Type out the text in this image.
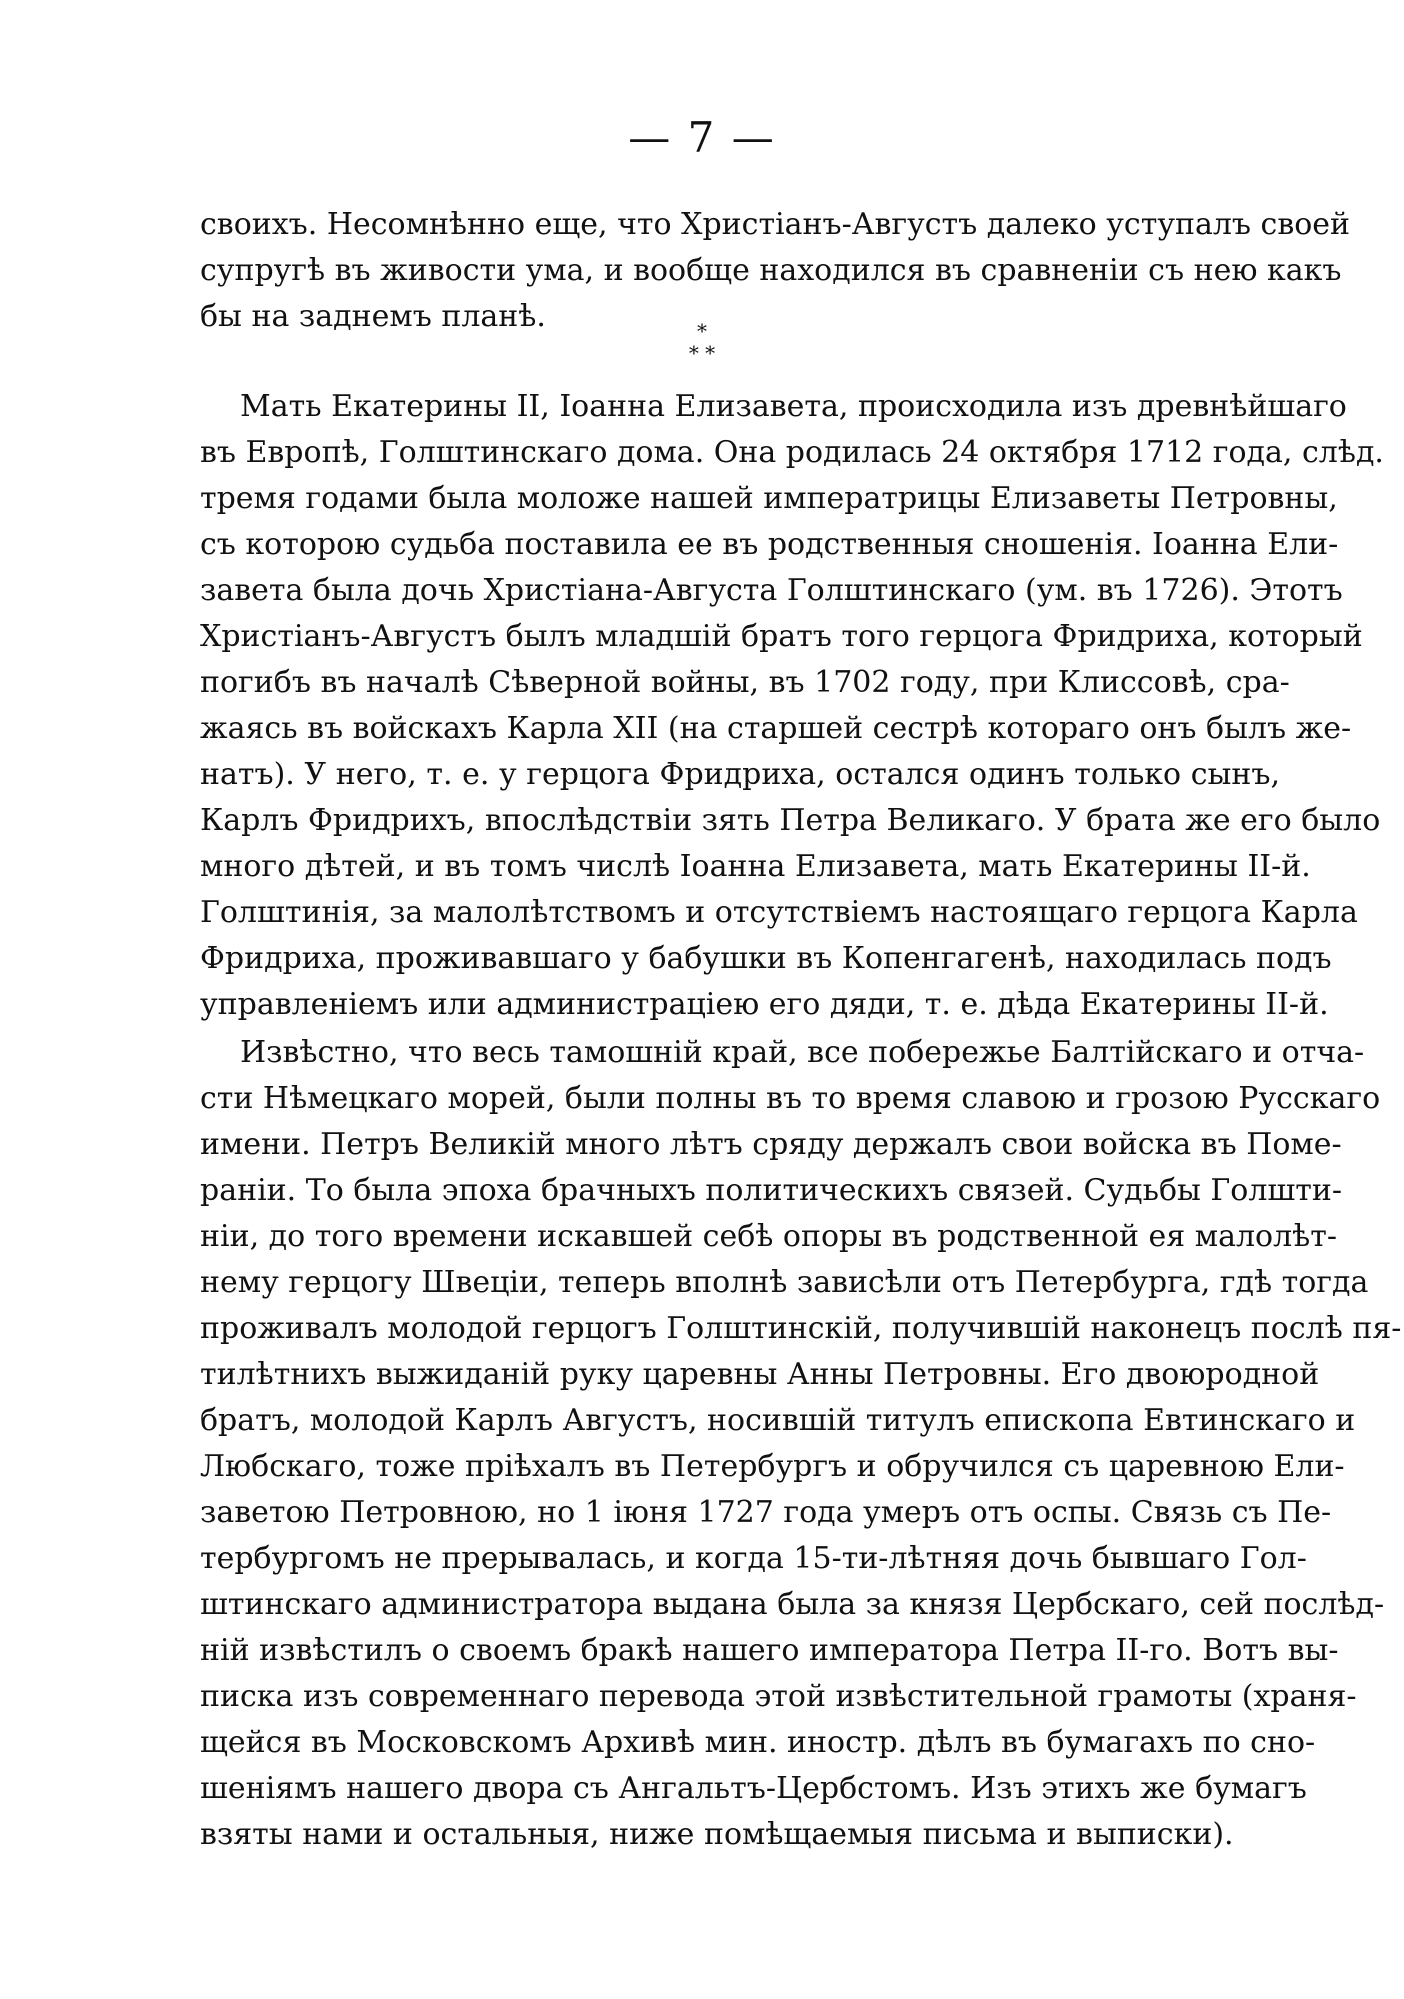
— 7 —
своихъ. Несомнѣнно еще, что Христіанъ-Августъ далеко уступалъ своей
супругѣ въ живости ума, и вообще находился въ сравненіи съ нею какъ
бы на заднемъ планѣ.	*
* *
Мать Екатерины II, Іоанна Елизавета, происходила изъ древнѣйшаго
въ Европѣ, Голштинскаго дома. Она родилась 24 октября 1712 года, слѣд.
тремя годами была моложе нашей императрицы Елизаветы Петровны,
съ которою судьба поставила ее въ родственныя сношенія. Іоанна Ели-
завета была дочь Христіана-Августа Голштинскаго (ум. въ 1726). Этотъ
Христіанъ-Августъ былъ младшій братъ того герцога Фридриха, который
погибъ въ началѣ Сѣверной войны, въ 1702 году, при Клиссовѣ, сра-
жаясь въ войскахъ Карла XII (на старшей сестрѣ котораго онъ былъ же-
натъ). У него, т. е. у герцога Фридриха, остался одинъ только сынъ,
Карлъ Фридрихъ, впослѣдствіи зять Петра Великаго. У брата же его было
много дѣтей, и въ томъ числѣ Іоанна Елизавета, мать Екатерины II-й.
Голштинія, за малолѣтствомъ и отсутствіемъ настоящаго герцога Карла
Фридриха, проживавшаго у бабушки въ Копенгагенѣ, находилась подъ
управленіемъ или администраціею его дяди, т. е. дѣда Екатерины II-й.
Извѣстно, что весь тамошній край, все побережье Балтійскаго и отча-
сти Нѣмецкаго морей, были полны въ то время славою и грозою Русскаго
имени. Петръ Великій много лѣтъ сряду держалъ свои войска въ Поме-
раніи. То была эпоха брачныхъ политическихъ связей. Судьбы Голшти-
ніи, до того времени искавшей себѣ опоры въ родственной ея малолѣт-
нему герцогу Швеціи, теперь вполнѣ зависѣли отъ Петербурга, гдѣ тогда
проживалъ молодой герцогъ Голштинскій, получившій наконецъ послѣ пя-
тилѣтнихъ выжиданій руку царевны Анны Петровны. Его двоюродной
братъ, молодой Карлъ Августъ, носившій титулъ епископа Евтинскаго и
Любскаго, тоже пріѣхалъ въ Петербургъ и обручился съ царевною Ели-
заветою Петровною, но 1 іюня 1727 года умеръ отъ оспы. Связь съ Пе-
тербургомъ не прерывалась, и когда 15-ти-лѣтняя дочь бывшаго Гол-
штинскаго администратора выдана была за князя Цербскаго, сей послѣд-
ній извѣстилъ о своемъ бракѣ нашего императора Петра II-го. Вотъ вы-
писка изъ современнаго перевода этой извѣстительной грамоты (храня-
щейся въ Московскомъ Архивѣ мин. иностр. дѣлъ въ бумагахъ по сно-
шеніямъ нашего двора съ Ангальтъ-Цербстомъ. Изъ этихъ же бумагъ
взяты нами и остальныя, ниже помѣщаемыя письма и выписки).
